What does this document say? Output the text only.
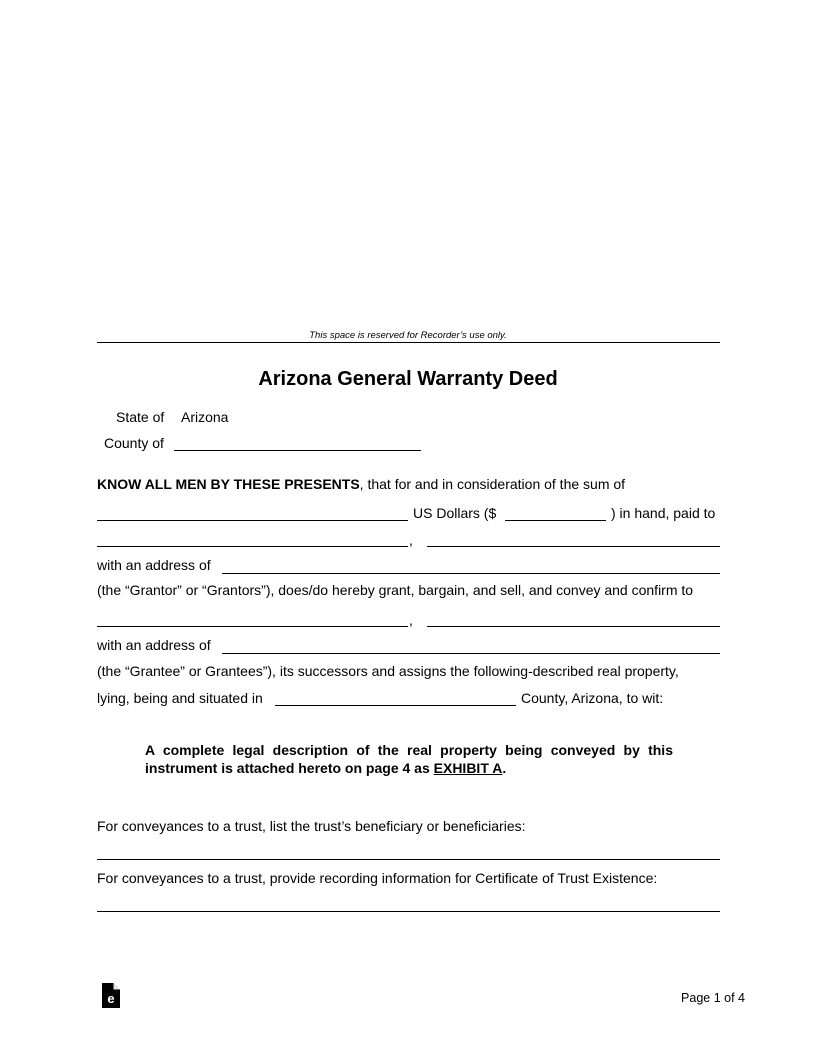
This space is reserved for Recorder’s use only.
Arizona General Warranty Deed
State of Arizona
County of
KNOW ALL MEN BY THESE PRESENTS, that for and in consideration of the sum of
US Dollars ($	) in hand, paid to
,
with an address of
(the “Grantor” or “Grantors”), does/do hereby grant, bargain, and sell, and convey and confirm to
,
with an address of
(the “Grantee” or Grantees”), its successors and assigns the following-described real property,
lying, being and situated in	County, Arizona, to wit:
A complete legal description of the real property being conveyed by this instrument is attached hereto on page 4 as EXHIBIT A.
For conveyances to a trust, list the trust’s beneficiary or beneficiaries:
For conveyances to a trust, provide recording information for Certificate of Trust Existence:
e	Page 1 of 4
